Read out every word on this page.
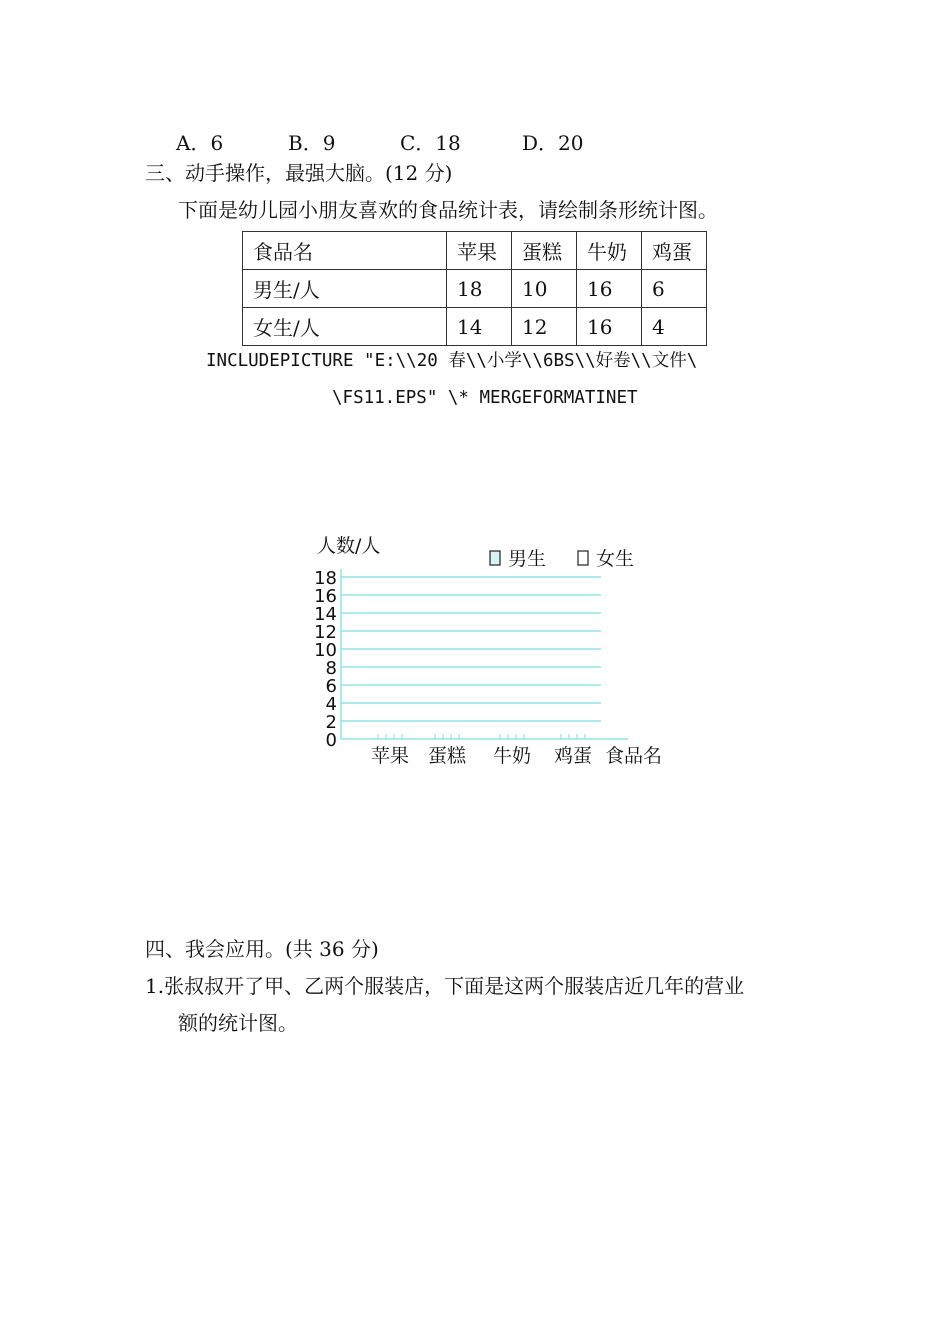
A．6	B．9	C．18	D．20
三、动手操作，最强大脑。(12 分)
下面是幼儿园小朋友喜欢的食品统计表，请绘制条形统计图。
食品名	苹果	蛋糕	牛奶	鸡蛋
男生/人	18	10	16	6
女生/人	14	12	16	4
INCLUDEPICTURE "E:\\20 春\\小学\\6BS\\好卷\\文件\
\FS11.EPS" \* MERGEFORMATINET
0
2
4
6
8
10
12
14
16
18
苹果 蛋糕 牛奶 鸡蛋
人数/人
食品名
男生	女生
四、我会应用。(共 36 分)
1.张叔叔开了甲、乙两个服装店，下面是这两个服装店近几年的营业
额的统计图。
